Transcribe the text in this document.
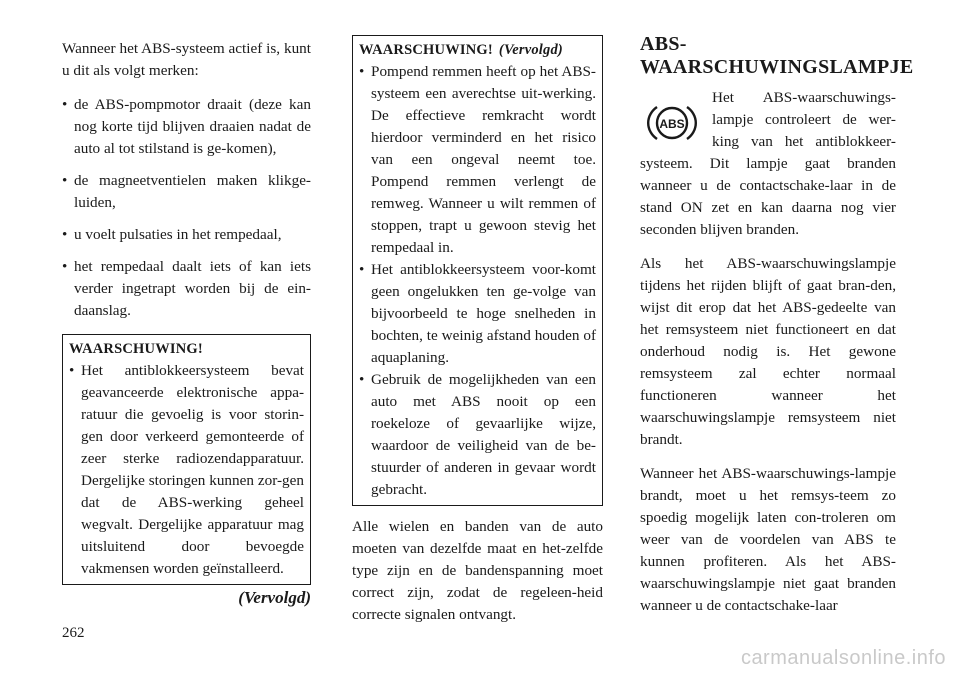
Wanneer het ABS-systeem actief is, kunt u dit als volgt merken:

• de ABS-pompmotor draait (deze kan nog korte tijd blijven draaien nadat de auto al tot stilstand is ge-komen),
• de magneetventielen maken klikge-luiden,
• u voelt pulsaties in het rempedaal,
• het rempedaal daalt iets of kan iets verder ingetrapt worden bij de ein-daanslag.
WAARSCHUWING!
• Het antiblokkeersysteem bevat geavanceerde elektronische appa-ratuur die gevoelig is voor storin-gen door verkeerd gemonteerde of zeer sterke radiozendapparatuur. Dergelijke storingen kunnen zor-gen dat de ABS-werking geheel wegvalt. Dergelijke apparatuur mag uitsluitend door bevoegde vakmensen worden geïnstalleerd.
(Vervolgd)
WAARSCHUWING! (Vervolgd)
• Pompend remmen heeft op het ABS-systeem een averechtse uit-werking. De effectieve remkracht wordt hierdoor verminderd en het risico van een ongeval neemt toe. Pompend remmen verlengt de remweg. Wanneer u wilt remmen of stoppen, trapt u gewoon stevig het rempedaal in.
• Het antiblokkeersysteem voor-komt geen ongelukken ten ge-volge van bijvoorbeeld te hoge snelheden in bochten, te weinig afstand houden of aquaplaning.
• Gebruik de mogelijkheden van een auto met ABS nooit op een roekeloze of gevaarlijke wijze, waardoor de veiligheid van de be-stuurder of anderen in gevaar wordt gebracht.

Alle wielen en banden van de auto moeten van dezelfde maat en het-zelfde type zijn en de bandenspanning moet correct zijn, zodat de regeleen-heid correcte signalen ontvangt.

ABS-WAARSCHUWINGSLAMPJE

ABS
Het ABS-waarschuwings-lampje controleert de wer-king van het antiblokkeer-systeem. Dit lampje gaat branden wanneer u de contactschake-laar in de stand ON zet en kan daarna nog vier seconden blijven branden.

Als het ABS-waarschuwingslampje tijdens het rijden blijft of gaat bran-den, wijst dit erop dat het ABS-gedeelte van het remsysteem niet functioneert en dat onderhoud nodig is. Het gewone remsysteem zal echter normaal functioneren wanneer het waarschuwingslampje remsysteem niet brandt.

Wanneer het ABS-waarschuwings-lampje brandt, moet u het remsys-teem zo spoedig mogelijk laten con-troleren om weer van de voordelen van ABS te kunnen profiteren. Als het ABS-waarschuwingslampje niet gaat branden wanneer u de contactschake-laar

262
carmanualsonline.info
